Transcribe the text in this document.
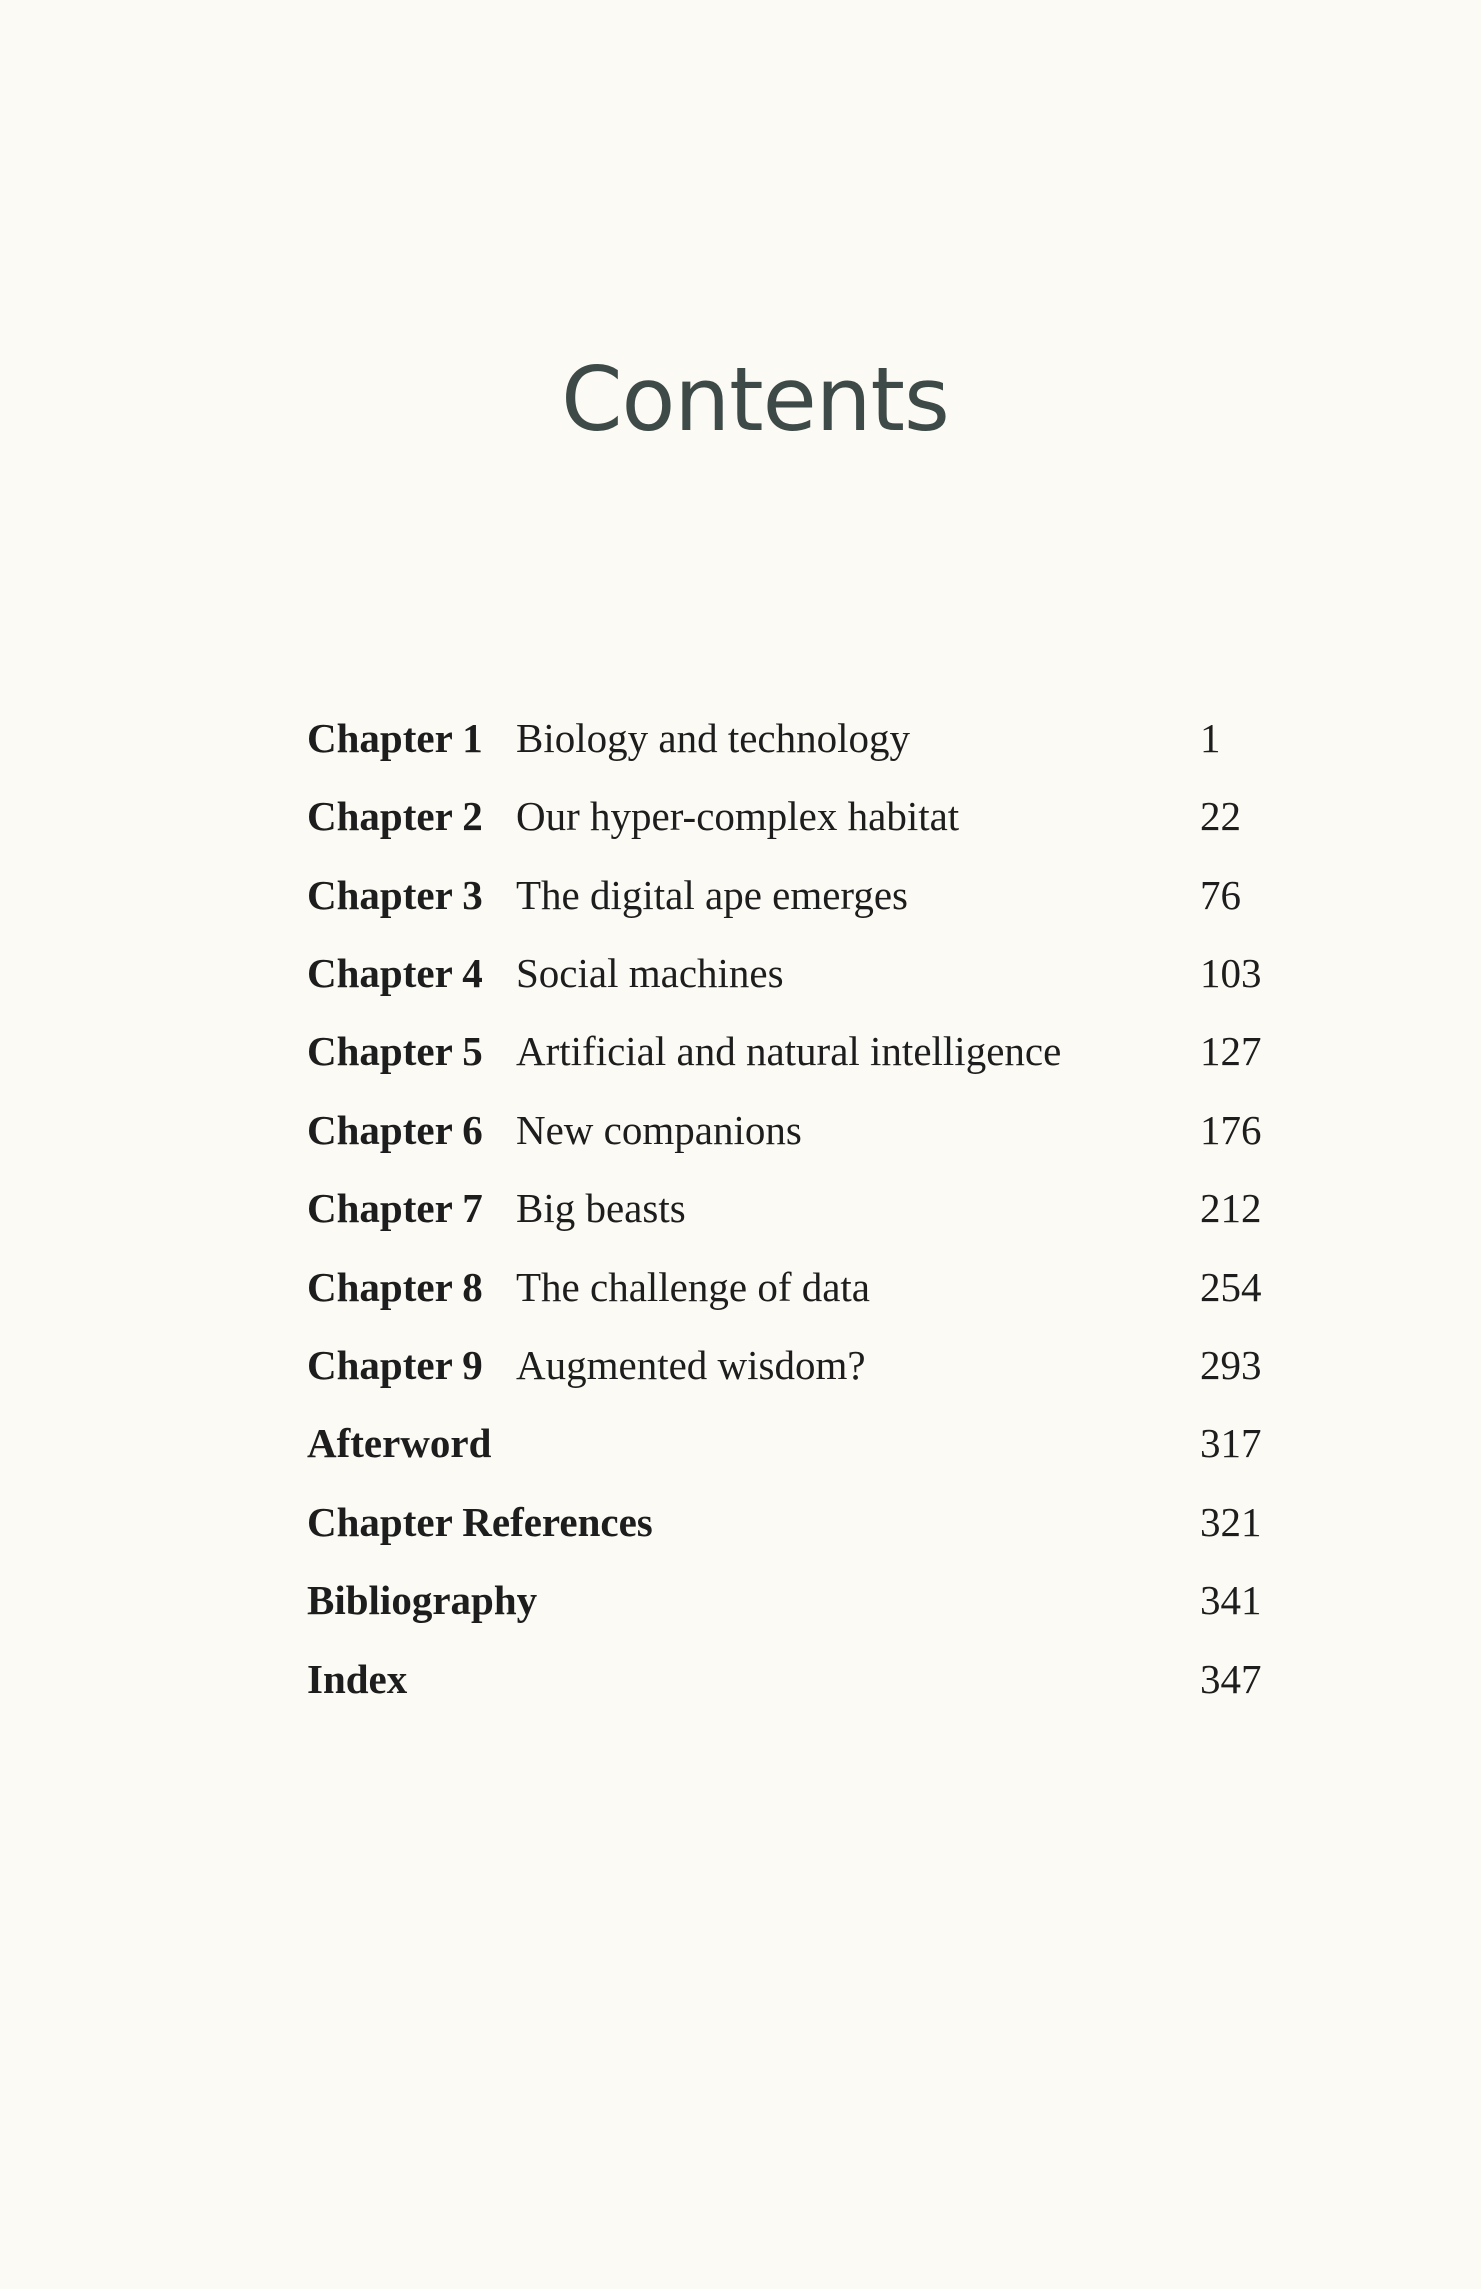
Contents
Chapter 1 Biology and technology	1
Chapter 2 Our hyper-complex habitat	22
Chapter 3 The digital ape emerges	76
Chapter 4 Social machines	103
Chapter 5 Artificial and natural intelligence	127
Chapter 6 New companions	176
Chapter 7 Big beasts	212
Chapter 8 The challenge of data	254
Chapter 9 Augmented wisdom?	293
Afterword	317
Chapter References	321
Bibliography	341
Index	347
